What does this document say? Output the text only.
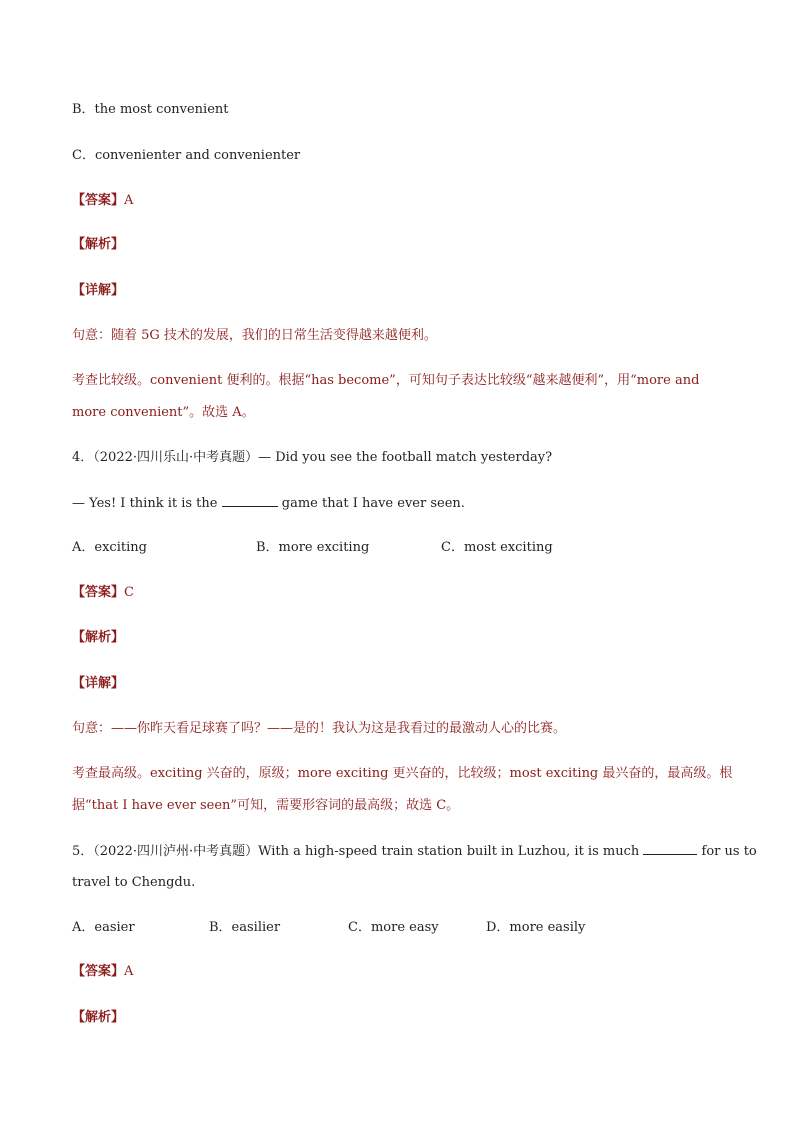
B．the most convenient
C．convenienter and convenienter
【答案】A
【解析】
【详解】
句意：随着 5G 技术的发展，我们的日常生活变得越来越便利。
考查比较级。convenient 便利的。根据“has become”，可知句子表达比较级“越来越便利”，用“more and
more convenient”。故选 A。
4．（2022·四川乐山·中考真题）— Did you see the football match yesterday?
— Yes! I think it is the	game that I have ever seen.
A．exciting	B．more exciting	C．most exciting
【答案】C
【解析】
【详解】
句意：——你昨天看足球赛了吗？——是的！我认为这是我看过的最激动人心的比赛。
考查最高级。exciting 兴奋的，原级；more exciting 更兴奋的，比较级；most exciting 最兴奋的，最高级。根
据“that I have ever seen”可知，需要形容词的最高级；故选 C。
5．（2022·四川泸州·中考真题）With a high-speed train station built in Luzhou, it is much	for us to
travel to Chengdu.
A．easier	B．easilier	C．more easy	D．more easily
【答案】A
【解析】
